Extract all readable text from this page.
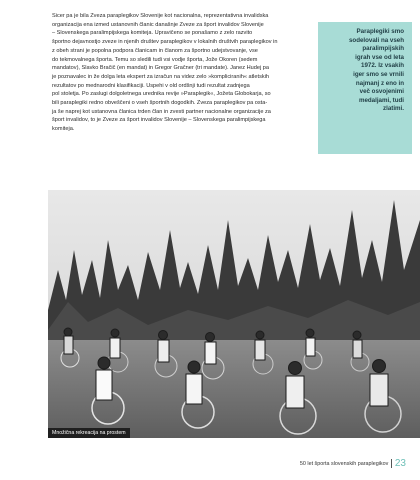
Sicer pa je bila Zveza paraplegikov Slovenije kot nacionalna, reprezentativna invalidska
organizacija ena izmed ustanovnih članic današnje Zveze za šport invalidov Slovenije
– Slovenskega paralimpijskega komiteja. Upravičeno se ponašamo z zelo razvito
športno dejavnostjo zveze in njenih društev paraplegikov v lokalnih društvih paraplegikov in
z obeh strani je popolna podpora članicam in članom za športno udejstvovanje, vse
do tekmovalnega športa. Temu so sledili tudi vsi vodje športa, Jože Okoren (sedem
mandatov), Slavko Bračič (en mandat) in Gregor Gračner (tri mandate). Janez Hudej pa
je poznavalec in že dolga leta ekspert za izračun na videz zelo »kompliciranih« atletskih
rezultatov po mednarodni klasifikaciji. Uspehi v old ordšnji tudi rezultat zadnjega
pol stoletja. Po zaslugi dolgoletnega urednika revije »Paraplegik«, Jožeta Globokarja, so
bili paraplegiki redno obveščeni o vseh športnih dogodkih. Zveza paraplegikov pa osta-
ja še naprej kot ustanovna članica trden član in zvesti partner nacionalne organizacije za
šport invalidov, to je Zveze za šport invalidov Slovenije – Slovenskega paralimpijskega
komiteja.
Paraplegiki smo
sodelovali na vseh
paralimpijskih
igrah vse od leta
1972. Iz vsakih
iger smo se vrnili
najmanj z eno in
več osvojenimi
medaljami, tudi
zlatimi.
Množična rekreacija na prostem
50 let športa slovenskih paraplegikov 23
